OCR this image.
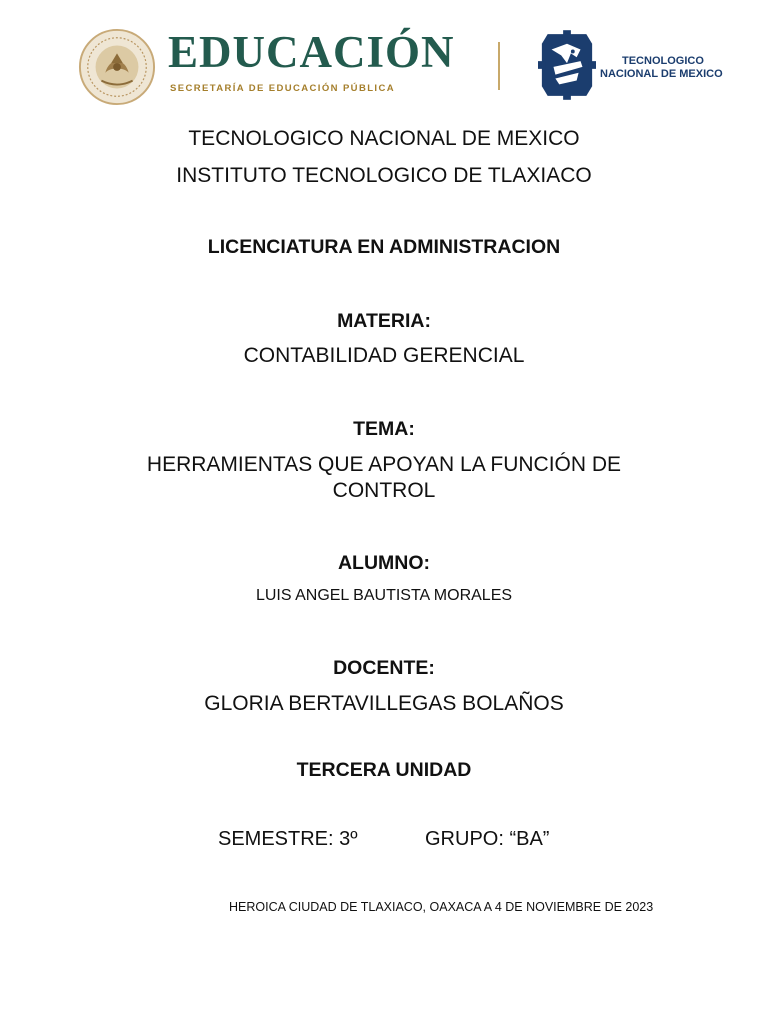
EDUCACIÓN
SECRETARÍA DE EDUCACIÓN PÚBLICA
TECNOLOGICO
NACIONAL DE MEXICO
TECNOLOGICO NACIONAL DE MEXICO
INSTITUTO TECNOLOGICO DE TLAXIACO
LICENCIATURA EN ADMINISTRACION
MATERIA:
CONTABILIDAD GERENCIAL
TEMA:
HERRAMIENTAS QUE APOYAN LA FUNCIÓN DE
CONTROL
ALUMNO:
LUIS ANGEL BAUTISTA MORALES
DOCENTE:
GLORIA BERTAVILLEGAS BOLAÑOS
TERCERA UNIDAD
SEMESTRE: 3º	GRUPO: “BA”
HEROICA CIUDAD DE TLAXIACO, OAXACA A 4 DE NOVIEMBRE DE 2023
